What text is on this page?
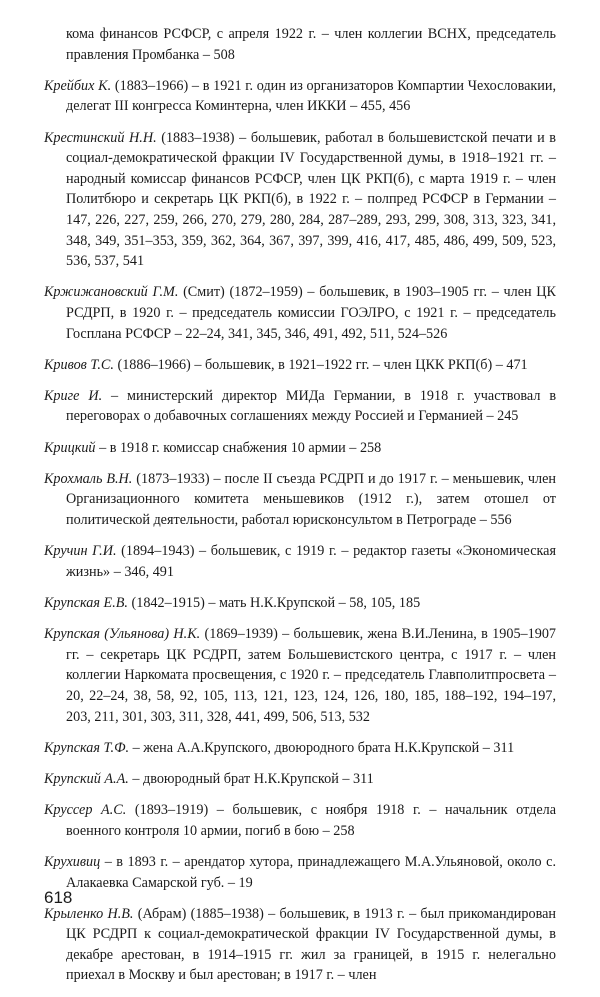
кома финансов РСФСР, с апреля 1922 г. – член коллегии ВСНХ, председатель правления Промбанка – 508

Крейбих К. (1883–1966) – в 1921 г. один из организаторов Компартии Чехословакии, делегат III конгресса Коминтерна, член ИККИ – 455, 456

Крестинский Н.Н. (1883–1938) – большевик, работал в большевистской печати и в социал-демократической фракции IV Государственной думы, в 1918–1921 гг. – народный комиссар финансов РСФСР, член ЦК РКП(б), с марта 1919 г. – член Политбюро и секретарь ЦК РКП(б), в 1922 г. – полпред РСФСР в Германии – 147, 226, 227, 259, 266, 270, 279, 280, 284, 287–289, 293, 299, 308, 313, 323, 341, 348, 349, 351–353, 359, 362, 364, 367, 397, 399, 416, 417, 485, 486, 499, 509, 523, 536, 537, 541

Кржижановский Г.М. (Смит) (1872–1959) – большевик, в 1903–1905 гг. – член ЦК РСДРП, в 1920 г. – председатель комиссии ГОЭЛРО, с 1921 г. – председатель Госплана РСФСР – 22–24, 341, 345, 346, 491, 492, 511, 524–526

Кривов Т.С. (1886–1966) – большевик, в 1921–1922 гг. – член ЦКК РКП(б) – 471

Криге И. – министерский директор МИДа Германии, в 1918 г. участвовал в переговорах о добавочных соглашениях между Россией и Германией – 245

Крицкий – в 1918 г. комиссар снабжения 10 армии – 258

Крохмаль В.Н. (1873–1933) – после II съезда РСДРП и до 1917 г. – меньшевик, член Организационного комитета меньшевиков (1912 г.), затем отошел от политической деятельности, работал юрисконсультом в Петрограде – 556

Кручин Г.И. (1894–1943) – большевик, с 1919 г. – редактор газеты «Экономическая жизнь» – 346, 491

Крупская Е.В. (1842–1915) – мать Н.К.Крупской – 58, 105, 185

Крупская (Ульянова) Н.К. (1869–1939) – большевик, жена В.И.Ленина, в 1905–1907 гг. – секретарь ЦК РСДРП, затем Большевистского центра, с 1917 г. – член коллегии Наркомата просвещения, с 1920 г. – председатель Главполитпросвета – 20, 22–24, 38, 58, 92, 105, 113, 121, 123, 124, 126, 180, 185, 188–192, 194–197, 203, 211, 301, 303, 311, 328, 441, 499, 506, 513, 532

Крупская Т.Ф. – жена А.А.Крупского, двоюродного брата Н.К.Крупской – 311

Крупский А.А. – двоюродный брат Н.К.Крупской – 311

Круссер А.С. (1893–1919) – большевик, с ноября 1918 г. – начальник отдела военного контроля 10 армии, погиб в бою – 258

Крухивиц – в 1893 г. – арендатор хутора, принадлежащего М.А.Ульяновой, около с. Алакаевка Самарской губ. – 19

Крыленко Н.В. (Абрам) (1885–1938) – большевик, в 1913 г. – был прикомандирован ЦК РСДРП к социал-демократической фракции IV Государственной думы, в декабре арестован, в 1914–1915 гг. жил за границей, в 1915 г. нелегально приехал в Москву и был арестован; в 1917 г. – член

618
